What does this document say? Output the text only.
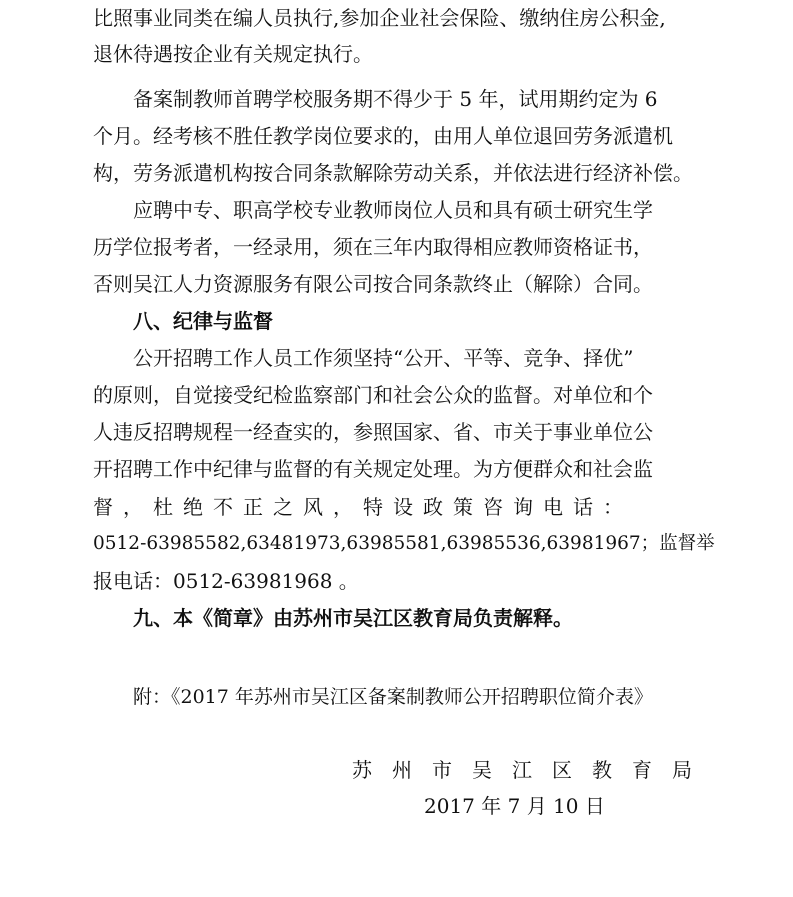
比照事业同类在编人员执行,参加企业社会保险、缴纳住房公积金,
退休待遇按企业有关规定执行。
备案制教师首聘学校服务期不得少于 5 年，试用期约定为 6
个月。经考核不胜任教学岗位要求的，由用人单位退回劳务派遣机
构，劳务派遣机构按合同条款解除劳动关系，并依法进行经济补偿。
应聘中专、职高学校专业教师岗位人员和具有硕士研究生学
历学位报考者，一经录用，须在三年内取得相应教师资格证书，
否则吴江人力资源服务有限公司按合同条款终止（解除）合同。
八、纪律与监督
公开招聘工作人员工作须坚持“公开、平等、竞争、择优”
的原则，自觉接受纪检监察部门和社会公众的监督。对单位和个
人违反招聘规程一经查实的，参照国家、省、市关于事业单位公
开招聘工作中纪律与监督的有关规定处理。为方便群众和社会监
督，杜绝不正之风，特设政策咨询电话：
0512-63985582,63481973,63985581,63985536,63981967；监督举
报电话：0512-63981968 。
九、本《简章》由苏州市吴江区教育局负责解释。
附：《2017 年苏州市吴江区备案制教师公开招聘职位简介表》
苏 州 市 吴 江 区 教 育 局
2017 年 7 月 10 日
